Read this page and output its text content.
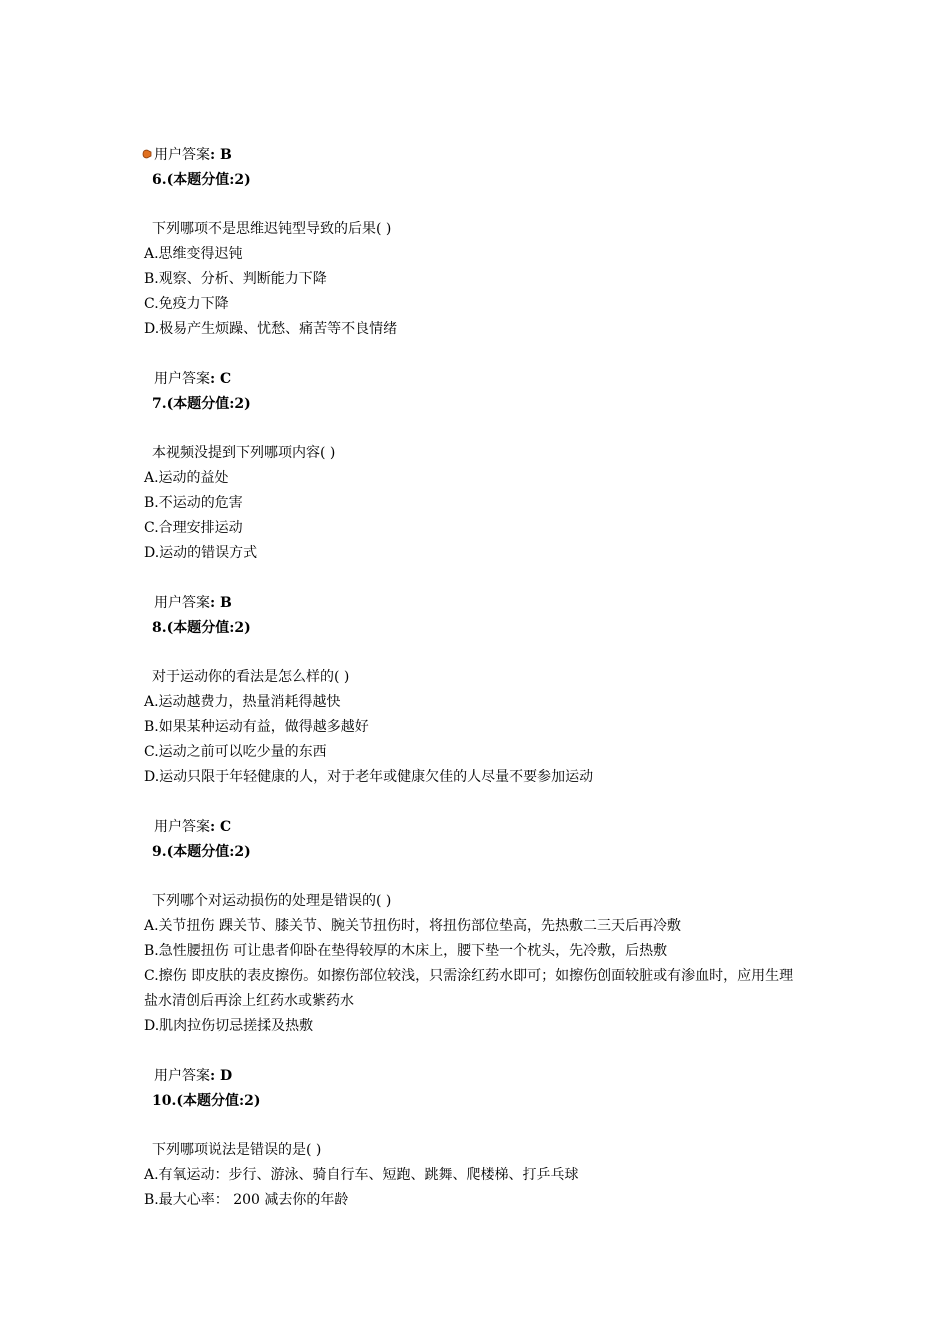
用户答案: B
6.(本题分值:2)
下列哪项不是思维迟钝型导致的后果( )
A.思维变得迟钝
B.观察、分析、判断能力下降
C.免疫力下降
D.极易产生烦躁、忧愁、痛苦等不良情绪
用户答案: C
7.(本题分值:2)
本视频没提到下列哪项内容( )
A.运动的益处
B.不运动的危害
C.合理安排运动
D.运动的错误方式
用户答案: B
8.(本题分值:2)
对于运动你的看法是怎么样的( )
A.运动越费力，热量消耗得越快
B.如果某种运动有益，做得越多越好
C.运动之前可以吃少量的东西
D.运动只限于年轻健康的人，对于老年或健康欠佳的人尽量不要参加运动
用户答案: C
9.(本题分值:2)
下列哪个对运动损伤的处理是错误的( )
A.关节扭伤 踝关节、膝关节、腕关节扭伤时，将扭伤部位垫高，先热敷二三天后再冷敷
B.急性腰扭伤 可让患者仰卧在垫得较厚的木床上，腰下垫一个枕头，先冷敷，后热敷
C.擦伤 即皮肤的表皮擦伤。如擦伤部位较浅，只需涂红药水即可；如擦伤创面较脏或有渗血时，应用生理
盐水清创后再涂上红药水或紫药水
D.肌肉拉伤切忌搓揉及热敷
用户答案: D
10.(本题分值:2)
下列哪项说法是错误的是( )
A.有氧运动：步行、游泳、骑自行车、短跑、跳舞、爬楼梯、打乒乓球
B.最大心率： 200 减去你的年龄
